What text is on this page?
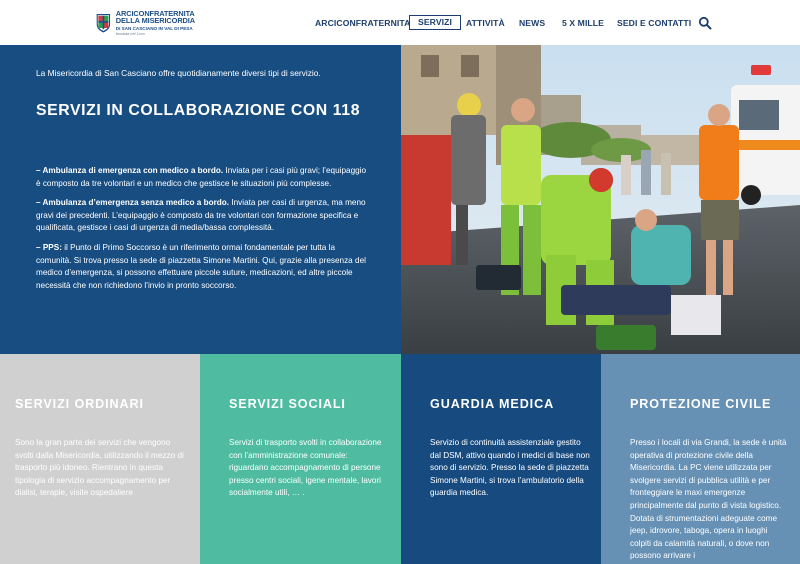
ARCICONFRATERNITA
DELLA MISERICORDIA
DI SAN CASCIANO IN VAL DI PESA
fondata nel 1xxx
ARCICONFRATERNITA SERVIZI	ATTIVITÀ NEWS 5 X MILLE SEDI E CONTATTI

La Misericordia di San Casciano offre quotidianamente diversi tipi di servizio.

SERVIZI IN COLLABORAZIONE CON 118

– Ambulanza di emergenza con medico a bordo. Inviata per i casi più gravi; l’equipaggio è composto da tre volontari e un medico che gestisce le situazioni più complesse.

– Ambulanza d’emergenza senza medico a bordo. Inviata per casi di urgenza, ma meno gravi dei precedenti. L’equipaggio è composto da tre volontari con formazione specifica e qualificata, gestisce i casi di urgenza di media/bassa complessità.

– PPS: il Punto di Primo Soccorso è un riferimento ormai fondamentale per tutta la comunità. Si trova presso la sede di piazzetta Simone Martini. Qui, grazie alla presenza del medico d’emergenza, si possono effettuare piccole suture, medicazioni, ed altre piccole necessità che non richiedono l’invio in pronto soccorso.

SERVIZI ORDINARI

Sono la gran parte dei servizi che vengono svolti dalla Misericordia, utilizzando il mezzo di trasporto più idoneo. Rientrano in questa tipologia di servizio accompagnamento per dialisi, terapie, visite ospedaliere

SERVIZI SOCIALI

Servizi di trasporto svolti in collaborazione con l’amministrazione comunale: riguardano accompagnamento di persone presso centri sociali, igene mentale, lavori socialmente utili, … .

GUARDIA MEDICA

Servizio di continuità assistenziale gestito dal DSM, attivo quando i medici di base non sono di servizio. Presso la sede di piazzetta Simone Martini, si trova l’ambulatorio della guardia medica.

PROTEZIONE CIVILE

Presso i locali di via Grandi, la sede è unità operativa di protezione civile della Misericordia. La PC viene utilizzata per svolgere servizi di pubblica utilità e per fronteggiare le maxi emergenze principalmente dal punto di vista logistico. Dotata di strumentazioni adeguate come jeep, idrovore, taboga, opera in luoghi colpiti da calamità naturali, o dove non possono arrivare i
